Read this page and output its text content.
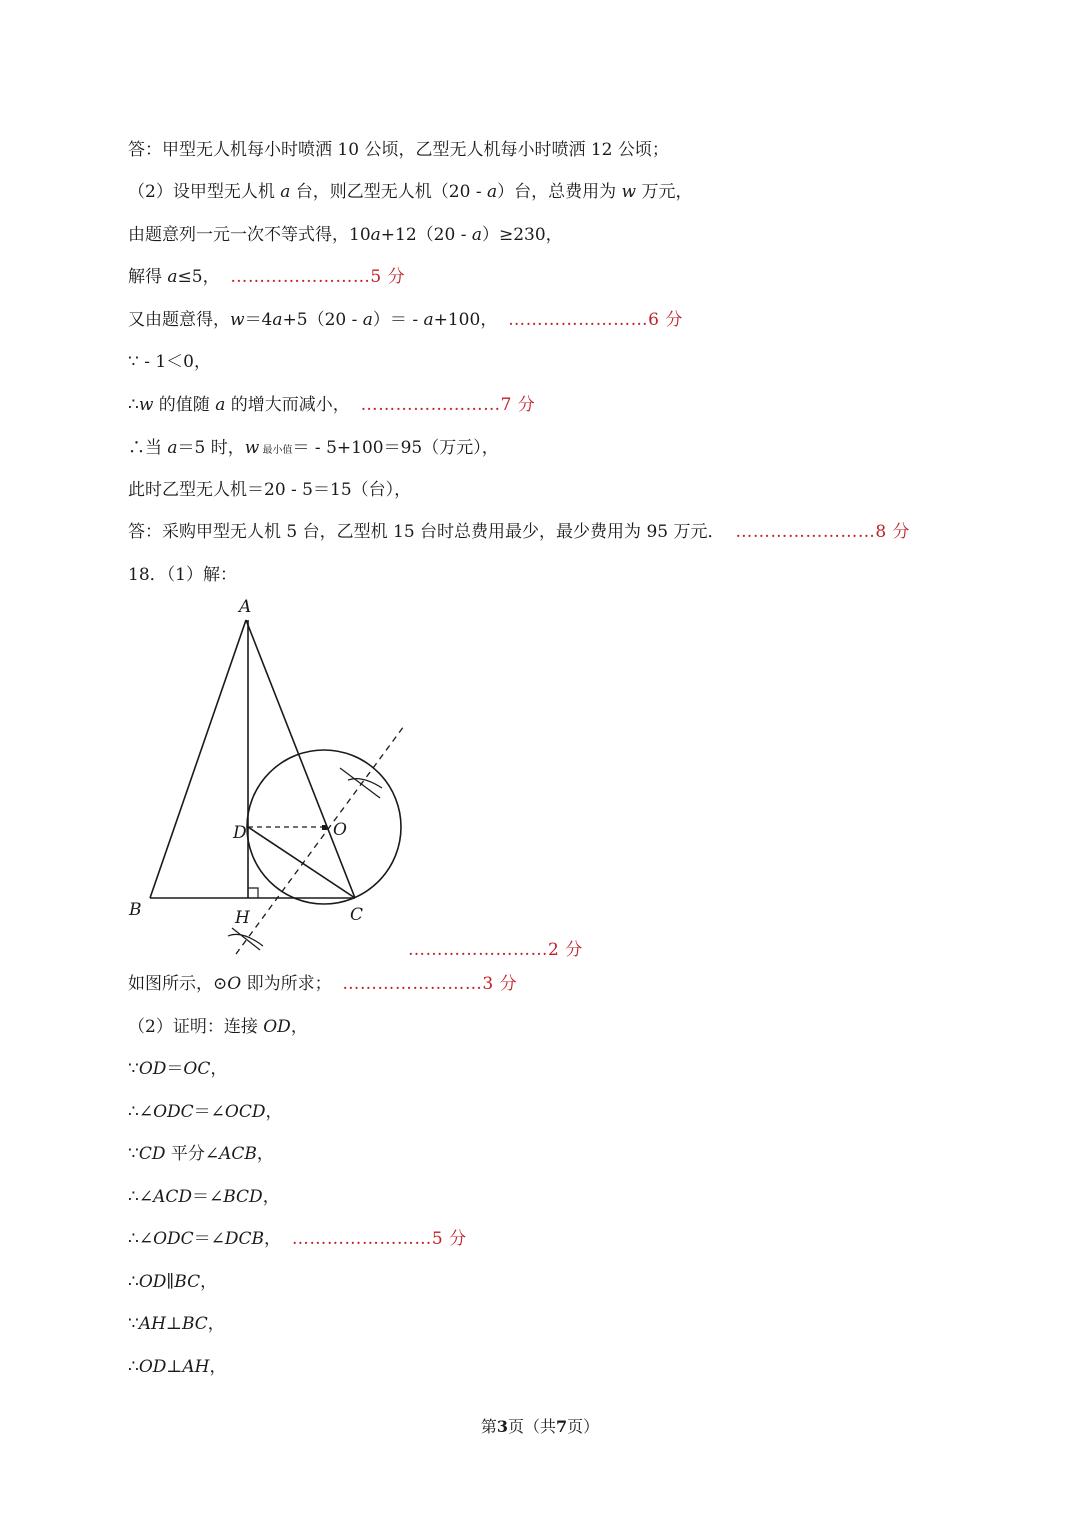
答：甲型无人机每小时喷洒 10 公顷，乙型无人机每小时喷洒 12 公顷；
（2）设甲型无人机 a 台，则乙型无人机（20 - a）台，总费用为 w 万元，
由题意列一元一次不等式得，10a+12（20 - a）≥230，
解得 a≤5， ……………………5 分
又由题意得，w＝4a+5（20 - a）＝ - a+100， ……………………6 分
∵ - 1＜0，
∴w 的值随 a 的增大而减小， ……………………7 分
∴当 a＝5 时，w 最小值＝ - 5+100＝95（万元），
此时乙型无人机＝20 - 5＝15（台），
答：采购甲型无人机 5 台，乙型机 15 台时总费用最少，最少费用为 95 万元． ……………………8 分
18．（1）解：
A
B	C
D
H
O
……………………2 分
如图所示，⊙O 即为所求； ……………………3 分
（2）证明：连接 OD，
∵OD＝OC，
∴∠ODC＝∠OCD，
∵CD 平分∠ACB，
∴∠ACD＝∠BCD，
∴∠ODC＝∠DCB， ……………………5 分
∴OD∥BC，
∵AH⊥BC，
∴OD⊥AH，
第3页（共7页）
